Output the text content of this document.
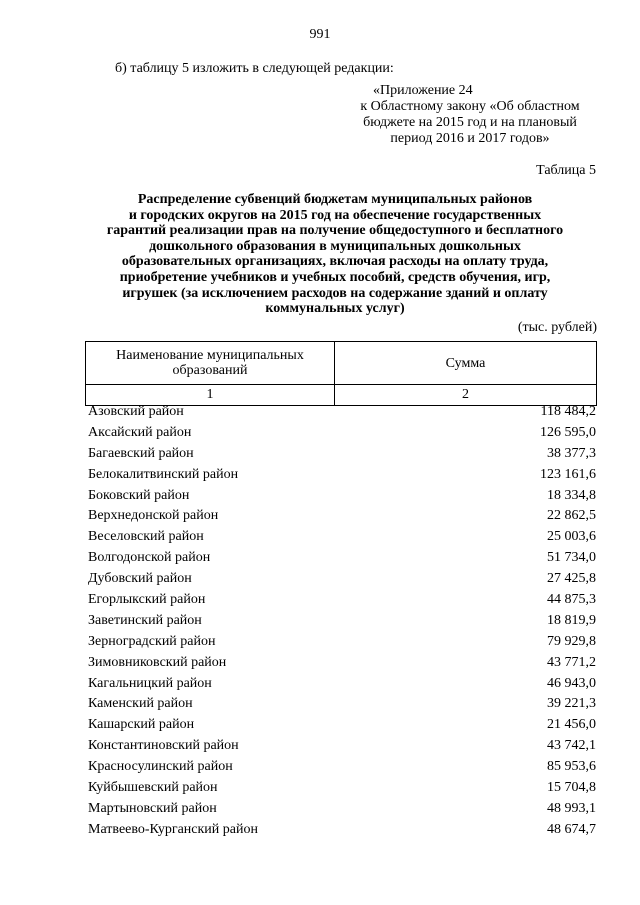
991
б) таблицу 5 изложить в следующей редакции:
«Приложение 24
к Областному закону «Об областном
бюджете на 2015 год и на плановый
период 2016 и 2017 годов»
Таблица 5
Распределение субвенций бюджетам муниципальных районов
и городских округов на 2015 год на обеспечение государственных
гарантий реализации прав на получение общедоступного и бесплатного
дошкольного образования в муниципальных дошкольных
образовательных организациях, включая расходы на оплату труда,
приобретение учебников и учебных пособий, средств обучения, игр,
игрушек (за исключением расходов на содержание зданий и оплату
коммунальных услуг)
(тыс. рублей)
Наименование муниципальных образований	Сумма
1	2
Азовский район	118 484,2
Аксайский район	126 595,0
Багаевский район	38 377,3
Белокалитвинский район	123 161,6
Боковский район	18 334,8
Верхнедонской район	22 862,5
Веселовский район	25 003,6
Волгодонской район	51 734,0
Дубовский район	27 425,8
Егорлыкский район	44 875,3
Заветинский район	18 819,9
Зерноградский район	79 929,8
Зимовниковский район	43 771,2
Кагальницкий район	46 943,0
Каменский район	39 221,3
Кашарский район	21 456,0
Константиновский район	43 742,1
Красносулинский район	85 953,6
Куйбышевский район	15 704,8
Мартыновский район	48 993,1
Матвеево-Курганский район	48 674,7
